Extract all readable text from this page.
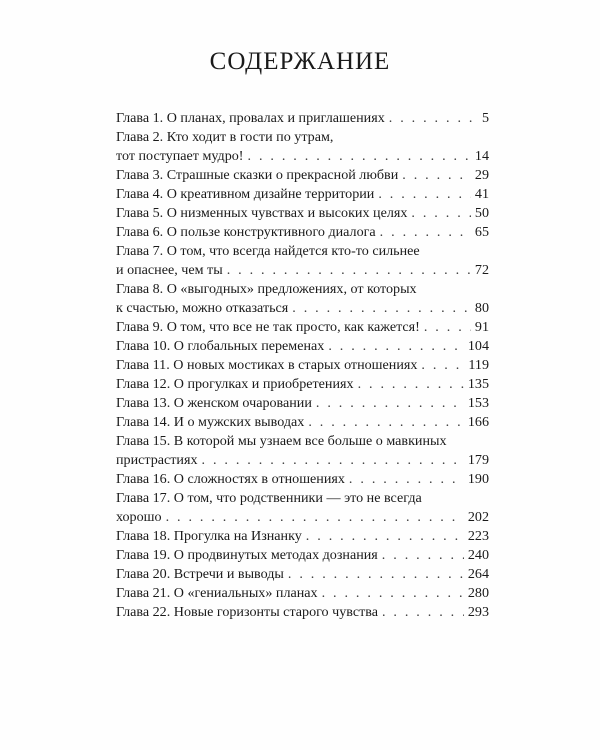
СОДЕРЖАНИЕ
Глава 1. О планах, провалах и приглашениях . . .	5
Глава 2. Кто ходит в гости по утрам,
тот поступает мудро! . . .	14
Глава 3. Страшные сказки о прекрасной любви . . .	29
Глава 4. О креативном дизайне территории . . .	41
Глава 5. О низменных чувствах и высоких целях . . .	50
Глава 6. О пользе конструктивного диалога . . .	65
Глава 7. О том, что всегда найдется кто-то сильнее
и опаснее, чем ты . . .	72
Глава 8. О «выгодных» предложениях, от которых
к счастью, можно отказаться . . .	80
Глава 9. О том, что все не так просто, как кажется! . . .	91
Глава 10. О глобальных переменах . . .	104
Глава 11. О новых мостиках в старых отношениях . . .	119
Глава 12. О прогулках и приобретениях . . .	135
Глава 13. О женском очаровании . . .	153
Глава 14. И о мужских выводах . . .	166
Глава 15. В которой мы узнаем все больше о мавкиных
пристрастиях . . .	179
Глава 16. О сложностях в отношениях . . .	190
Глава 17. О том, что родственники — это не всегда
хорошо . . .	202
Глава 18. Прогулка на Изнанку . . .	223
Глава 19. О продвинутых методах дознания . . .	240
Глава 20. Встречи и выводы . . .	264
Глава 21. О «гениальных» планах . . .	280
Глава 22. Новые горизонты старого чувства . . .	293
